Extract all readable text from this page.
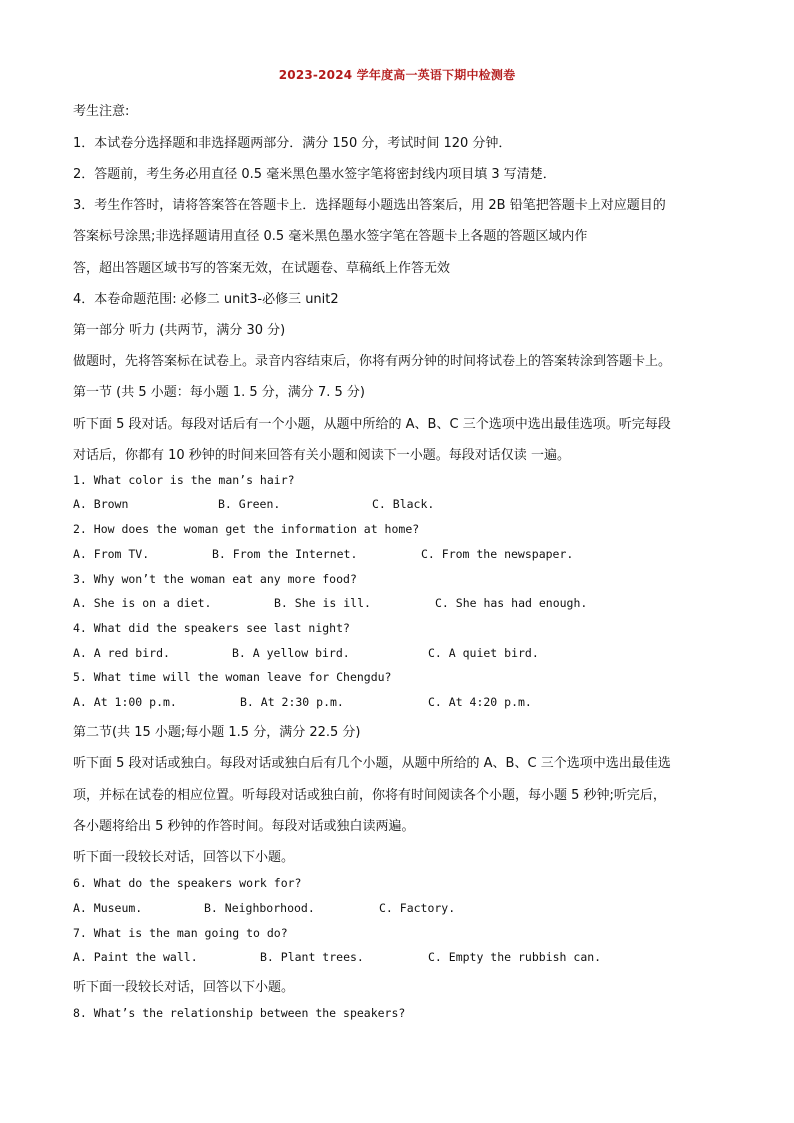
2023-2024 学年度高一英语下期中检测卷
考生注意:
1．本试卷分选择题和非选择题两部分．满分 150 分，考试时间 120 分钟．
2．答题前，考生务必用直径 0.5 毫米黑色墨水签字笔将密封线内项目填 3 写清楚．
3．考生作答时，请将答案答在答题卡上．选择题每小题选出答案后，用 2B 铅笔把答题卡上对应题目的
答案标号涂黑;非选择题请用直径 0.5 毫米黑色墨水签字笔在答题卡上各题的答题区域内作
答，超出答题区域书写的答案无效，在试题卷、草稿纸上作答无效
4．本卷命题范围: 必修二 unit3-必修三 unit2
第一部分 听力 (共两节，满分 30 分)
做题时，先将答案标在试卷上。录音内容结束后，你将有两分钟的时间将试卷上的答案转涂到答题卡上。
第一节 (共 5 小题：每小题 1. 5 分，满分 7. 5 分)
听下面 5 段对话。每段对话后有一个小题，从题中所给的 A、B、C 三个选项中选出最佳选项。听完每段
对话后，你都有 10 秒钟的时间来回答有关小题和阅读下一小题。每段对话仅读 一遍。
1. What color is the man’s hair?
A. Brown	B. Green.	C. Black.
2. How does the woman get the information at home?
A. From TV.	B. From the Internet.	C. From the newspaper.
3. Why won’t the woman eat any more food?
A. She is on a diet.	B. She is ill.	C. She has had enough.
4. What did the speakers see last night?
A. A red bird.	B. A yellow bird.	C. A quiet bird.
5. What time will the woman leave for Chengdu?
A. At 1:00 p.m.	B. At 2:30 p.m.	C. At 4:20 p.m.
第二节(共 15 小题;每小题 1.5 分，满分 22.5 分)
听下面 5 段对话或独白。每段对话或独白后有几个小题，从题中所给的 A、B、C 三个选项中选出最佳选
项，并标在试卷的相应位置。听每段对话或独白前，你将有时间阅读各个小题，每小题 5 秒钟;听完后，
各小题将给出 5 秒钟的作答时间。每段对话或独白读两遍。
听下面一段较长对话，回答以下小题。
6. What do the speakers work for?
A. Museum.	B. Neighborhood.	C. Factory.
7. What is the man going to do?
A. Paint the wall.	B. Plant trees.	C. Empty the rubbish can.
听下面一段较长对话，回答以下小题。
8. What’s the relationship between the speakers?
